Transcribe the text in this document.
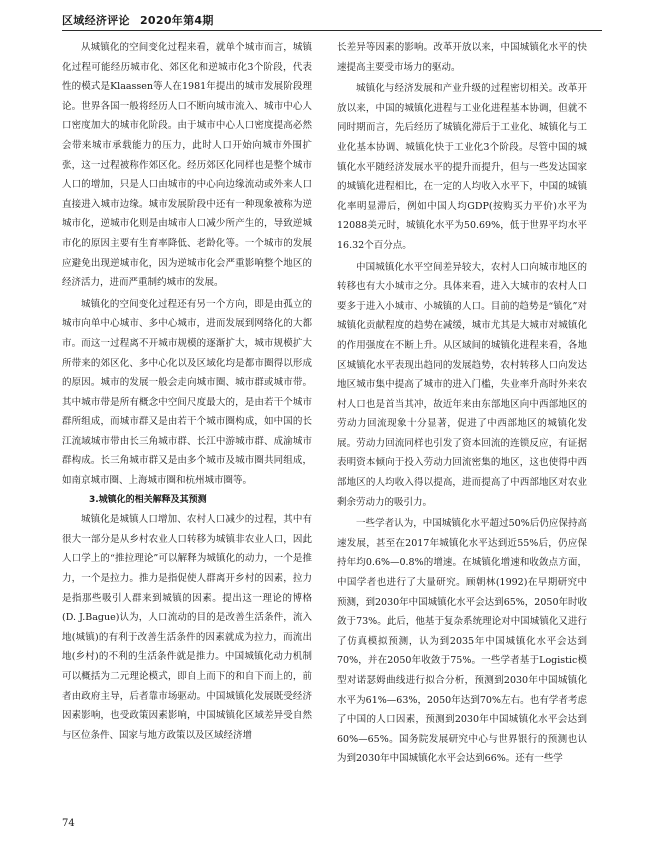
区域经济评论 2020年第4期

从城镇化的空间变化过程来看，就单个城市而言，城镇化过程可能经历城市化、郊区化和逆城市化3个阶段，代表性的模式是Klaassen等人在1981年提出的城市发展阶段理论。世界各国一般将经历人口不断向城市流入、城市中心人口密度加大的城市化阶段。由于城市中心人口密度提高必然会带来城市承载能力的压力，此时人口开始向城市外围扩张，这一过程被称作郊区化。经历郊区化同样也是整个城市人口的增加，只是人口由城市的中心向边缘流动或外来人口直接进入城市边缘。城市发展阶段中还有一种现象被称为逆城市化，逆城市化则是由城市人口减少所产生的，导致逆城市化的原因主要有生育率降低、老龄化等。一个城市的发展应避免出现逆城市化，因为逆城市化会严重影响整个地区的经济活力，进而严重制约城市的发展。

城镇化的空间变化过程还有另一个方向，即是由孤立的城市向单中心城市、多中心城市，进而发展到网络化的大都市。而这一过程离不开城市规模的逐渐扩大，城市规模扩大所带来的郊区化、多中心化以及区域化均是都市圈得以形成的原因。城市的发展一般会走向城市圈、城市群或城市带。其中城市带是所有概念中空间尺度最大的，是由若干个城市群所组成，而城市群又是由若干个城市圈构成，如中国的长江流域城市带由长三角城市群、长江中游城市群、成渝城市群构成。长三角城市群又是由多个城市及城市圈共同组成，如南京城市圈、上海城市圈和杭州城市圈等。

3.城镇化的相关解释及其预测

城镇化是城镇人口增加、农村人口减少的过程，其中有很大一部分是从乡村农业人口转移为城镇非农业人口，因此人口学上的“推拉理论”可以解释为城镇化的动力，一个是推力，一个是拉力。推力是指促使人群离开乡村的因素，拉力是指那些吸引人群来到城镇的因素。提出这一理论的博格(D. J.Bague)认为，人口流动的目的是改善生活条件，流入地(城镇)的有利于改善生活条件的因素就成为拉力，而流出地(乡村)的不利的生活条件就是推力。中国城镇化动力机制可以概括为二元理论模式，即自上而下的和自下而上的，前者由政府主导，后者靠市场驱动。中国城镇化发展既受经济因素影响，也受政策因素影响，中国城镇化区域差异受自然与区位条件、国家与地方政策以及区域经济增

长差异等因素的影响。改革开放以来，中国城镇化水平的快速提高主要受市场力的驱动。

城镇化与经济发展和产业升级的过程密切相关。改革开放以来，中国的城镇化进程与工业化进程基本协调，但就不同时期而言，先后经历了城镇化滞后于工业化、城镇化与工业化基本协调、城镇化快于工业化3个阶段。尽管中国的城镇化水平随经济发展水平的提升而提升，但与一些发达国家的城镇化进程相比，在一定的人均收入水平下，中国的城镇化率明显滞后，例如中国人均GDP(按购买力平价)水平为12088美元时，城镇化水平为50.69%，低于世界平均水平16.32个百分点。

中国城镇化水平空间差异较大，农村人口向城市地区的转移也有大小城市之分。具体来看，进入大城市的农村人口要多于进入小城市、小城镇的人口。目前的趋势是“镇化”对城镇化贡献程度的趋势在减缓，城市尤其是大城市对城镇化的作用强度在不断上升。从区域间的城镇化进程来看，各地区城镇化水平表现出趋同的发展趋势，农村转移人口向发达地区城市集中提高了城市的进入门槛，失业率升高时外来农村人口也是首当其冲，故近年来由东部地区向中西部地区的劳动力回流现象十分显著，促进了中西部地区的城镇化发展。劳动力回流同样也引发了资本回流的连锁反应，有证据表明资本倾向于投入劳动力回流密集的地区，这也使得中西部地区的人均收入得以提高，进而提高了中西部地区对农业剩余劳动力的吸引力。

一些学者认为，中国城镇化水平超过50%后仍应保持高速发展，甚至在2017年城镇化水平达到近55%后，仍应保持年均0.6%—0.8%的增速。在城镇化增速和收敛点方面，中国学者也进行了大量研究。顾朝林(1992)在早期研究中预测，到2030年中国城镇化水平会达到65%，2050年时收敛于73%。此后，他基于复杂系统理论对中国城镇化又进行了仿真模拟预测，认为到2035年中国城镇化水平会达到70%，并在2050年收敛于75%。一些学者基于Logistic模型对诺瑟姆曲线进行拟合分析，预测到2030年中国城镇化水平为61%—63%，2050年达到70%左右。也有学者考虑了中国的人口因素，预测到2030年中国城镇化水平会达到60%—65%。国务院发展研究中心与世界银行的预测也认为到2030年中国城镇化水平会达到66%。还有一些学

74
